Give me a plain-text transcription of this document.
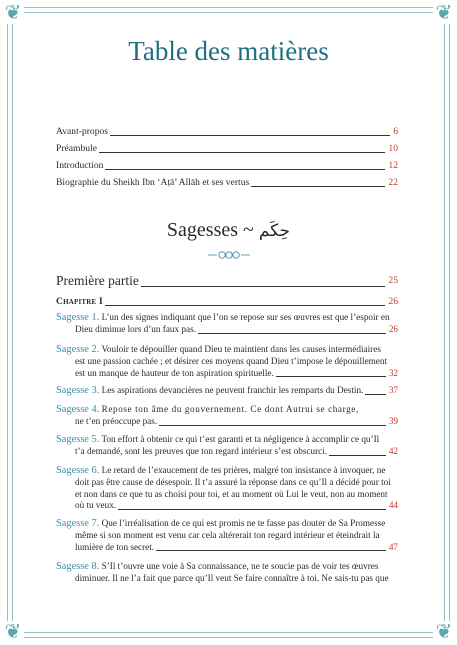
❦	❦
❦	❦
Table des matières
Avant-propos	6
Préambule	10
Introduction	12
Biographie du Sheikh Ibn ‘Aṭā’ Allāh et ses vertus	22
Sagesses ~ حِكَم
Première partie	25
Chapitre I	26
Sagesse 1. L’un des signes indiquant que l’on se repose sur ses œuvres est que l’espoir en
Dieu diminue lors d’un faux pas.	26
Sagesse 2. Vouloir te dépouiller quand Dieu te maintient dans les causes intermédiaires
est une passion cachée ; et désirer ces moyens quand Dieu t’impose le dépouillement
est un manque de hauteur de ton aspiration spirituelle.	32
Sagesse 3. Les aspirations devancières ne peuvent franchir les remparts du Destin.	37
Sagesse 4. Repose ton âme du gouvernement. Ce dont Autrui se charge,
ne t’en préoccupe pas.	39
Sagesse 5. Ton effort à obtenir ce qui t’est garanti et ta négligence à accomplir ce qu’Il
t’a demandé, sont les preuves que ton regard intérieur s’est obscurci.	42
Sagesse 6. Le retard de l’exaucement de tes prières, malgré ton insistance à invoquer, ne
doit pas être cause de désespoir. Il t’a assuré la réponse dans ce qu’Il a décidé pour toi
et non dans ce que tu as choisi pour toi, et au moment où Lui le veut, non au moment
où tu veux.	44
Sagesse 7. Que l’irréalisation de ce qui est promis ne te fasse pas douter de Sa Promesse
même si son moment est venu car cela altérerait ton regard intérieur et éteindrait la
lumière de ton secret.	47
Sagesse 8. S’Il t’ouvre une voie à Sa connaissance, ne te soucie pas de voir tes œuvres
diminuer. Il ne l’a fait que parce qu’Il veut Se faire connaître à toi. Ne sais-tu pas que
